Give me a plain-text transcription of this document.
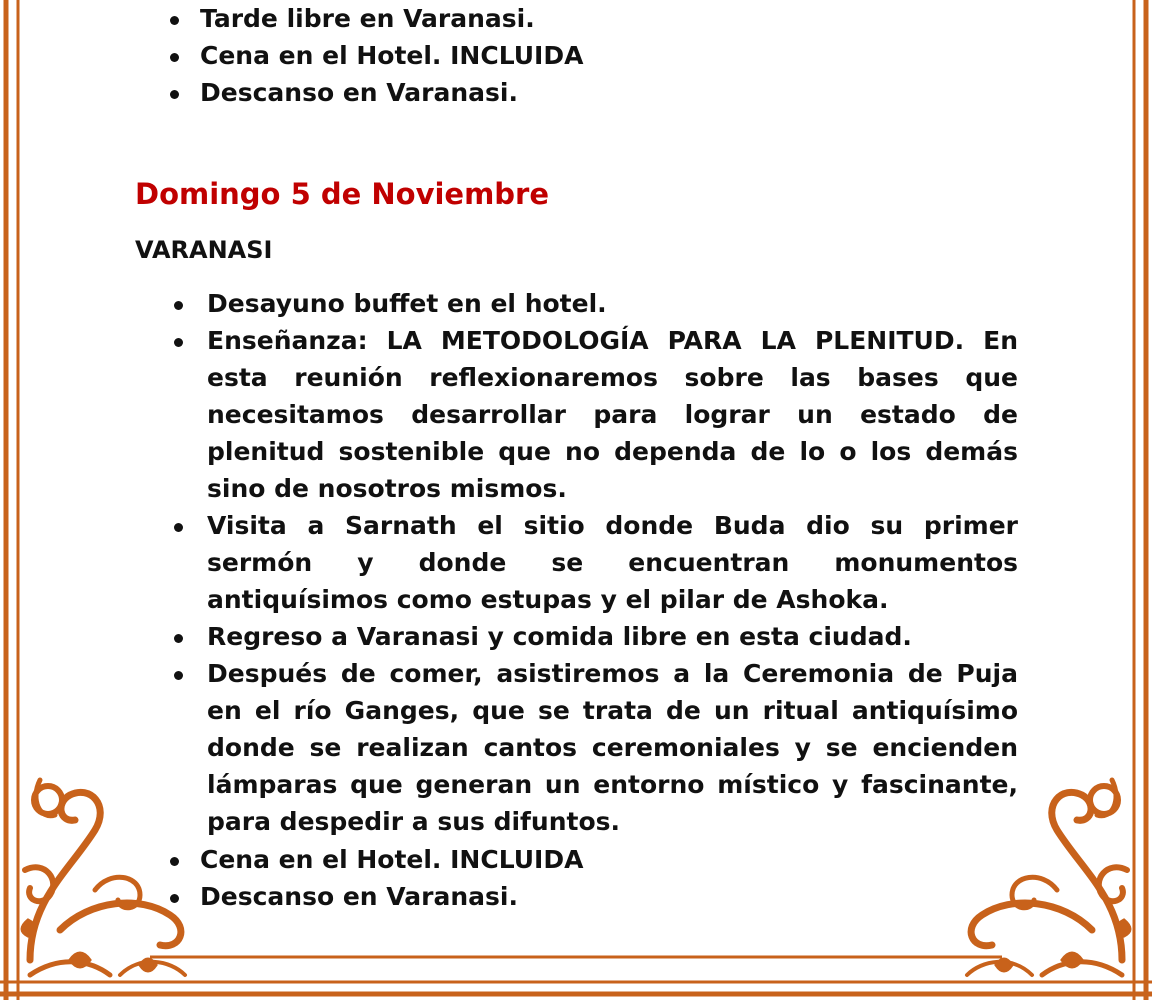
Tarde libre en Varanasi.
Cena en el Hotel. INCLUIDA
Descanso en Varanasi.
Domingo 5 de Noviembre
VARANASI
Desayuno buffet en el hotel.
Enseñanza: LA METODOLOGÍA PARA LA PLENITUD. En esta reunión reflexionaremos sobre las bases que necesitamos desarrollar para lograr un estado de plenitud sostenible que no dependa de lo o los demás sino de nosotros mismos.
Visita a Sarnath el sitio donde Buda dio su primer sermón y donde se encuentran monumentos antiquísimos como estupas y el pilar de Ashoka.
Regreso a Varanasi y comida libre en esta ciudad.
Después de comer, asistiremos a la Ceremonia de Puja en el río Ganges, que se trata de un ritual antiquísimo donde se realizan cantos ceremoniales y se encienden lámparas que generan un entorno místico y fascinante, para despedir a sus difuntos.
Cena en el Hotel. INCLUIDA
Descanso en Varanasi.
